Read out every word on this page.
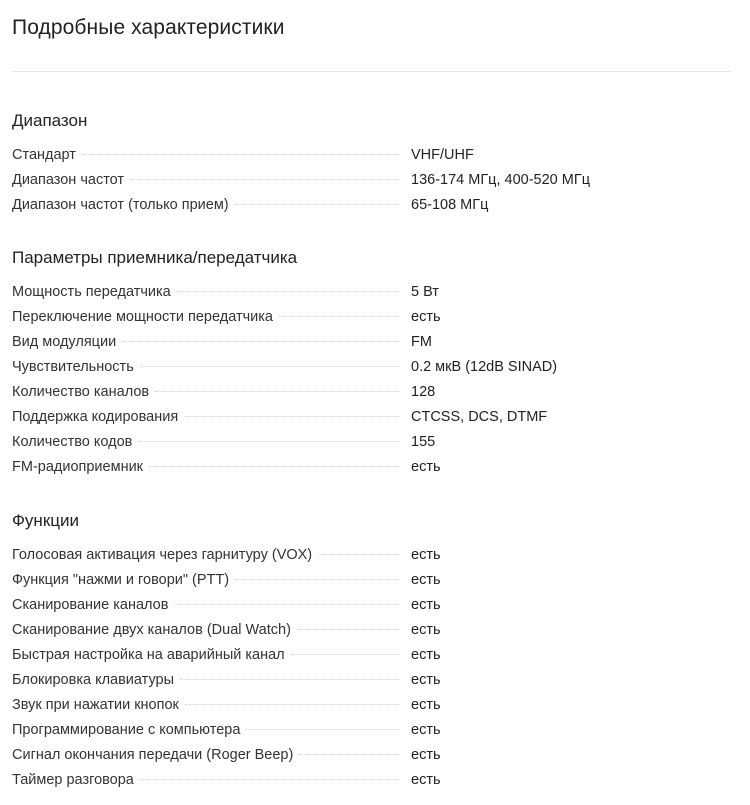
Подробные характеристики
Диапазон
Стандарт	VHF/UHF
Диапазон частот	136-174 МГц, 400-520 МГц
Диапазон частот (только прием)	65-108 МГц
Параметры приемника/передатчика
Мощность передатчика	5 Вт
Переключение мощности передатчика	есть
Вид модуляции	FM
Чувствительность	0.2 мкВ (12dB SINAD)
Количество каналов	128
Поддержка кодирования	CTCSS, DCS, DTMF
Количество кодов	155
FM-радиоприемник	есть
Функции
Голосовая активация через гарнитуру (VOX)	есть
Функция "нажми и говори" (PTT)	есть
Сканирование каналов	есть
Сканирование двух каналов (Dual Watch)	есть
Быстрая настройка на аварийный канал	есть
Блокировка клавиатуры	есть
Звук при нажатии кнопок	есть
Программирование с компьютера	есть
Сигнал окончания передачи (Roger Beep)	есть
Таймер разговора	есть
